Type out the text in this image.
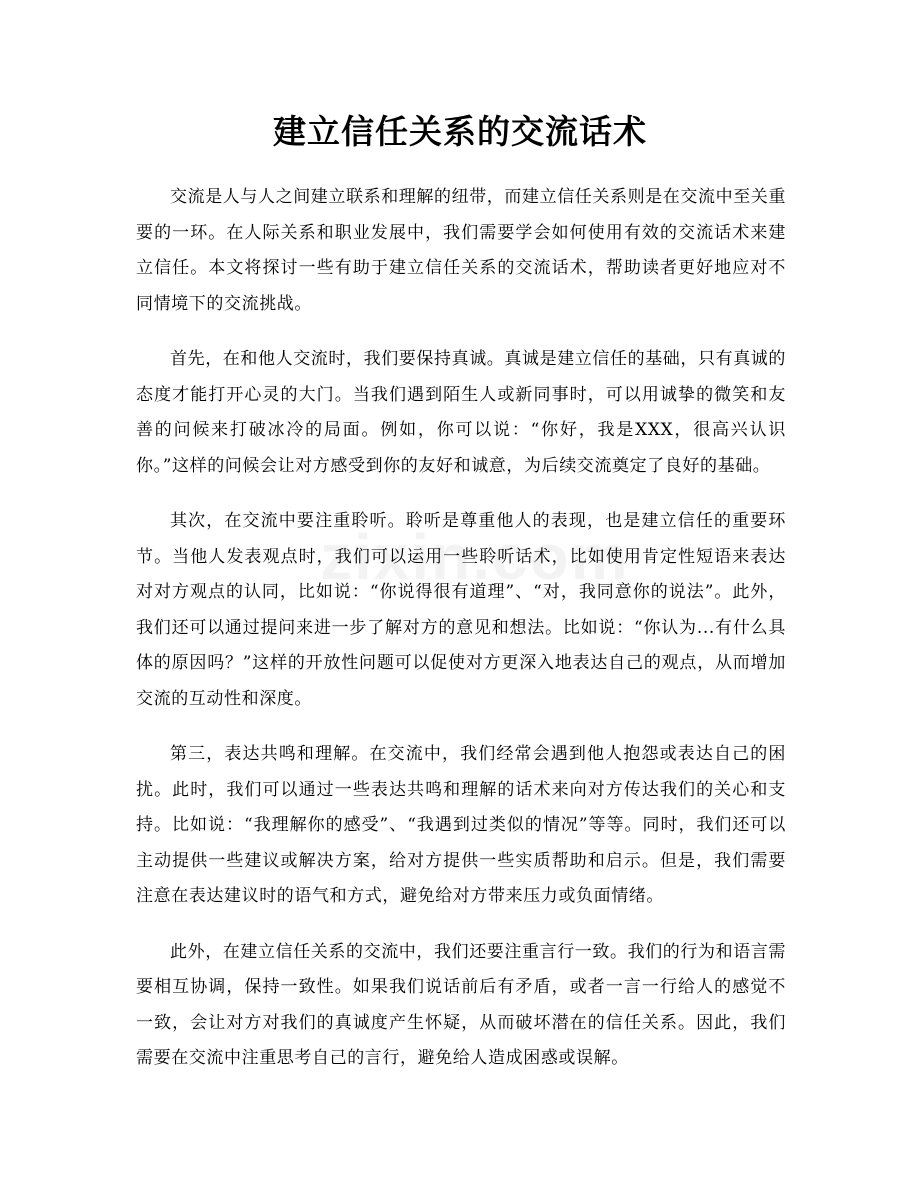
建立信任关系的交流话术

交流是人与人之间建立联系和理解的纽带，而建立信任关系则是在交流中至关重要的一环。在人际关系和职业发展中，我们需要学会如何使用有效的交流话术来建立信任。本文将探讨一些有助于建立信任关系的交流话术，帮助读者更好地应对不同情境下的交流挑战。

首先，在和他人交流时，我们要保持真诚。真诚是建立信任的基础，只有真诚的态度才能打开心灵的大门。当我们遇到陌生人或新同事时，可以用诚挚的微笑和友善的问候来打破冰冷的局面。例如，你可以说：“你好，我是XXX，很高兴认识你。”这样的问候会让对方感受到你的友好和诚意，为后续交流奠定了良好的基础。

其次，在交流中要注重聆听。聆听是尊重他人的表现，也是建立信任的重要环节。当他人发表观点时，我们可以运用一些聆听话术，比如使用肯定性短语来表达对对方观点的认同，比如说：“你说得很有道理”、“对，我同意你的说法”。此外，我们还可以通过提问来进一步了解对方的意见和想法。比如说：“你认为...有什么具体的原因吗？”这样的开放性问题可以促使对方更深入地表达自己的观点，从而增加交流的互动性和深度。

第三，表达共鸣和理解。在交流中，我们经常会遇到他人抱怨或表达自己的困扰。此时，我们可以通过一些表达共鸣和理解的话术来向对方传达我们的关心和支持。比如说：“我理解你的感受”、“我遇到过类似的情况”等等。同时，我们还可以主动提供一些建议或解决方案，给对方提供一些实质帮助和启示。但是，我们需要注意在表达建议时的语气和方式，避免给对方带来压力或负面情绪。

此外，在建立信任关系的交流中，我们还要注重言行一致。我们的行为和语言需要相互协调，保持一致性。如果我们说话前后有矛盾，或者一言一行给人的感觉不一致，会让对方对我们的真诚度产生怀疑，从而破坏潜在的信任关系。因此，我们需要在交流中注重思考自己的言行，避免给人造成困惑或误解。
